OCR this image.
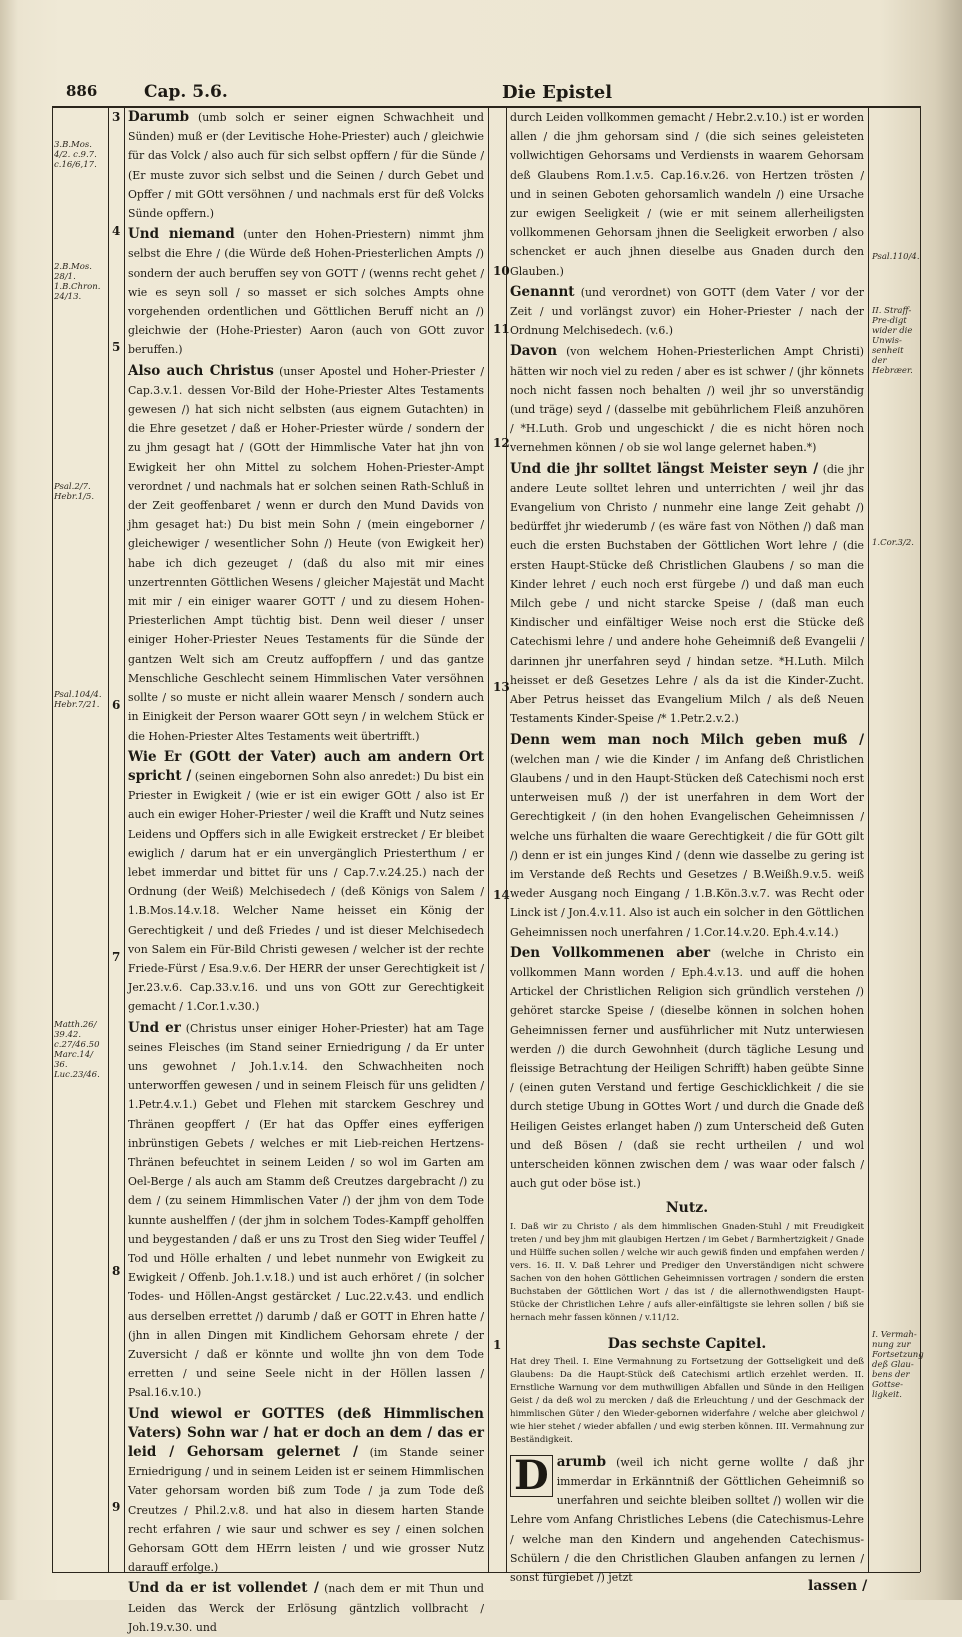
886	Cap. 5.6.	Die Epistel
3.B.Mos. 4/2. c.9.7. c.16/6,17.
2.B.Mos. 28/1. 1.B.Chron. 24/13.
Psal.2/7. Hebr.1/5.
Psal.104/4. Hebr.7/21.
Matth.26/ 39.42. c.27/46.50 Marc.14/ 36. Luc.23/46.
Psal.110/4.
II. Straff-Pre-digt wider die Unwis-senheit der Hebræer.
1.Cor.3/2.
I. Vermah-nung zur Fortsetzung deß Glau-bens der Gottse-ligkeit.
3
4
5
6
7
8
9
10
11
12
13
14
1

Darumb (umb solch er seiner eignen Schwachheit und Sünden) muß er (der Levitische Hohe-Priester) auch / gleichwie für das Volck / also auch für sich selbst opffern / für die Sünde / (Er muste zuvor sich selbst und die Seinen / durch Gebet und Opffer / mit GOtt versöhnen / und nachmals erst für deß Volcks Sünde opffern.)

Und niemand (unter den Hohen-Priestern) nimmt jhm selbst die Ehre / (die Würde deß Hohen-Priesterlichen Ampts /) sondern der auch beruffen sey von GOTT / (wenns recht gehet / wie es seyn soll / so masset er sich solches Ampts ohne vorgehenden ordentlichen und Göttlichen Beruff nicht an /) gleichwie der (Hohe-Priester) Aaron (auch von GOtt zuvor beruffen.)

Also auch Christus (unser Apostel und Hoher-Priester / Cap.3.v.1. dessen Vor-Bild der Hohe-Priester Altes Testaments gewesen /) hat sich nicht selbsten (aus eignem Gutachten) in die Ehre gesetzet / daß er Hoher-Priester würde / sondern der zu jhm gesagt hat / (GOtt der Himmlische Vater hat jhn von Ewigkeit her ohn Mittel zu solchem Hohen-Priester-Ampt verordnet / und nachmals hat er solchen seinen Rath-Schluß in der Zeit geoffenbaret / wenn er durch den Mund Davids von jhm gesaget hat:) Du bist mein Sohn / (mein eingeborner / gleichewiger / wesentlicher Sohn /) Heute (von Ewigkeit her) habe ich dich gezeuget / (daß du also mit mir eines unzertrennten Göttlichen Wesens / gleicher Majestät und Macht mit mir / ein einiger waarer GOTT / und zu diesem Hohen-Priesterlichen Ampt tüchtig bist. Denn weil dieser / unser einiger Hoher-Priester Neues Testaments für die Sünde der gantzen Welt sich am Creutz auffopffern / und das gantze Menschliche Geschlecht seinem Himmlischen Vater versöhnen sollte / so muste er nicht allein waarer Mensch / sondern auch in Einigkeit der Person waarer GOtt seyn / in welchem Stück er die Hohen-Priester Altes Testaments weit übertrifft.)

Wie Er (GOtt der Vater) auch am andern Ort spricht / (seinen eingebornen Sohn also anredet:) Du bist ein Priester in Ewigkeit / (wie er ist ein ewiger GOtt / also ist Er auch ein ewiger Hoher-Priester / weil die Krafft und Nutz seines Leidens und Opffers sich in alle Ewigkeit erstrecket / Er bleibet ewiglich / darum hat er ein unvergänglich Priesterthum / er lebet immerdar und bittet für uns / Cap.7.v.24.25.) nach der Ordnung (der Weiß) Melchisedech / (deß Königs von Salem / 1.B.Mos.14.v.18. Welcher Name heisset ein König der Gerechtigkeit / und deß Friedes / und ist dieser Melchisedech von Salem ein Für-Bild Christi gewesen / welcher ist der rechte Friede-Fürst / Esa.9.v.6. Der HERR der unser Gerechtigkeit ist / Jer.23.v.6. Cap.33.v.16. und uns von GOtt zur Gerechtigkeit gemacht / 1.Cor.1.v.30.)

Und er (Christus unser einiger Hoher-Priester) hat am Tage seines Fleisches (im Stand seiner Erniedrigung / da Er unter uns gewohnet / Joh.1.v.14. den Schwachheiten noch unterworffen gewesen / und in seinem Fleisch für uns gelidten / 1.Petr.4.v.1.) Gebet und Flehen mit starckem Geschrey und Thränen geopffert / (Er hat das Opffer eines eyfferigen inbrünstigen Gebets / welches er mit Lieb-reichen Hertzens-Thränen befeuchtet in seinem Leiden / so wol im Garten am Oel-Berge / als auch am Stamm deß Creutzes dargebracht /) zu dem / (zu seinem Himmlischen Vater /) der jhm von dem Tode kunnte aushelffen / (der jhm in solchem Todes-Kampff geholffen und beygestanden / daß er uns zu Trost den Sieg wider Teuffel / Tod und Hölle erhalten / und lebet nunmehr von Ewigkeit zu Ewigkeit / Offenb. Joh.1.v.18.) und ist auch erhöret / (in solcher Todes- und Höllen-Angst gestärcket / Luc.22.v.43. und endlich aus derselben errettet /) darumb / daß er GOTT in Ehren hatte / (jhn in allen Dingen mit Kindlichem Gehorsam ehrete / der Zuversicht / daß er könnte und wollte jhn von dem Tode erretten / und seine Seele nicht in der Höllen lassen / Psal.16.v.10.)

Und wiewol er GOTTES (deß Himmlischen Vaters) Sohn war / hat er doch an dem / das er leid / Gehorsam gelernet / (im Stande seiner Erniedrigung / und in seinem Leiden ist er seinem Himmlischen Vater gehorsam worden biß zum Tode / ja zum Tode deß Creutzes / Phil.2.v.8. und hat also in diesem harten Stande recht erfahren / wie saur und schwer es sey / einen solchen Gehorsam GOtt dem HErrn leisten / und wie grosser Nutz darauff erfolge.)

Und da er ist vollendet / (nach dem er mit Thun und Leiden das Werck der Erlösung gäntzlich vollbracht / Joh.19.v.30. und

durch Leiden vollkommen gemacht / Hebr.2.v.10.) ist er worden allen / die jhm gehorsam sind / (die sich seines geleisteten vollwichtigen Gehorsams und Verdiensts in waarem Gehorsam deß Glaubens Rom.1.v.5. Cap.16.v.26. von Hertzen trösten / und in seinen Geboten gehorsamlich wandeln /) eine Ursache zur ewigen Seeligkeit / (wie er mit seinem allerheiligsten vollkommenen Gehorsam jhnen die Seeligkeit erworben / also schencket er auch jhnen dieselbe aus Gnaden durch den Glauben.)

Genannt (und verordnet) von GOTT (dem Vater / vor der Zeit / und vorlängst zuvor) ein Hoher-Priester / nach der Ordnung Melchisedech. (v.6.)

Davon (von welchem Hohen-Priesterlichen Ampt Christi) hätten wir noch viel zu reden / aber es ist schwer / (jhr könnets noch nicht fassen noch behalten /) weil jhr so unverständig (und träge) seyd / (dasselbe mit gebührlichem Fleiß anzuhören / *H.Luth. Grob und ungeschickt / die es nicht hören noch vernehmen können / ob sie wol lange gelernet haben.*)

Und die jhr solltet längst Meister seyn / (die jhr andere Leute solltet lehren und unterrichten / weil jhr das Evangelium von Christo / nunmehr eine lange Zeit gehabt /) bedürffet jhr wiederumb / (es wäre fast von Nöthen /) daß man euch die ersten Buchstaben der Göttlichen Wort lehre / (die ersten Haupt-Stücke deß Christlichen Glaubens / so man die Kinder lehret / euch noch erst fürgebe /) und daß man euch Milch gebe / und nicht starcke Speise / (daß man euch Kindischer und einfältiger Weise noch erst die Stücke deß Catechismi lehre / und andere hohe Geheimniß deß Evangelii / darinnen jhr unerfahren seyd / hindan setze. *H.Luth. Milch heisset er deß Gesetzes Lehre / als da ist die Kinder-Zucht. Aber Petrus heisset das Evangelium Milch / als deß Neuen Testaments Kinder-Speise /* 1.Petr.2.v.2.)

Denn wem man noch Milch geben muß / (welchen man / wie die Kinder / im Anfang deß Christlichen Glaubens / und in den Haupt-Stücken deß Catechismi noch erst unterweisen muß /) der ist unerfahren in dem Wort der Gerechtigkeit / (in den hohen Evangelischen Geheimnissen / welche uns fürhalten die waare Gerechtigkeit / die für GOtt gilt /) denn er ist ein junges Kind / (denn wie dasselbe zu gering ist im Verstande deß Rechts und Gesetzes / B.Weißh.9.v.5. weiß weder Ausgang noch Eingang / 1.B.Kön.3.v.7. was Recht oder Linck ist / Jon.4.v.11. Also ist auch ein solcher in den Göttlichen Geheimnissen noch unerfahren / 1.Cor.14.v.20. Eph.4.v.14.)

Den Vollkommenen aber (welche in Christo ein vollkommen Mann worden / Eph.4.v.13. und auff die hohen Artickel der Christlichen Religion sich gründlich verstehen /) gehöret starcke Speise / (dieselbe können in solchen hohen Geheimnissen ferner und ausführlicher mit Nutz unterwiesen werden /) die durch Gewohnheit (durch tägliche Lesung und fleissige Betrachtung der Heiligen Schrifft) haben geübte Sinne / (einen guten Verstand und fertige Geschicklichkeit / die sie durch stetige Ubung in GOttes Wort / und durch die Gnade deß Heiligen Geistes erlanget haben /) zum Unterscheid deß Guten und deß Bösen / (daß sie recht urtheilen / und wol unterscheiden können zwischen dem / was waar oder falsch / auch gut oder böse ist.)

Nutz.
I. Daß wir zu Christo / als dem himmlischen Gnaden-Stuhl / mit Freudigkeit treten / und bey jhm mit glaubigen Hertzen / im Gebet / Barmhertzigkeit / Gnade und Hülffe suchen sollen / welche wir auch gewiß finden und empfahen werden / vers. 16. II. V. Daß Lehrer und Prediger den Unverständigen nicht schwere Sachen von den hohen Göttlichen Geheimnissen vortragen / sondern die ersten Buchstaben der Göttlichen Wort / das ist / die allernothwendigsten Haupt-Stücke der Christlichen Lehre / aufs aller-einfältigste sie lehren sollen / biß sie hernach mehr fassen können / v.11/12.
Das sechste Capitel.
Hat drey Theil. I. Eine Vermahnung zu Fortsetzung der Gottseligkeit und deß Glaubens: Da die Haupt-Stück deß Catechismi artlich erzehlet werden. II. Ernstliche Warnung vor dem muthwilligen Abfallen und Sünde in den Heiligen Geist / da deß wol zu mercken / daß die Erleuchtung / und der Geschmack der himmlischen Güter / den Wieder-gebornen widerfahre / welche aber gleichwol / wie hier stehet / wieder abfallen / und ewig sterben können. III. Vermahnung zur Beständigkeit.

D arumb (weil ich nicht gerne wollte / daß jhr immerdar in Erkänntniß der Göttlichen Geheimniß so unerfahren und seichte bleiben solltet /) wollen wir die Lehre vom Anfang Christliches Lebens (die Catechismus-Lehre / welche man den Kindern und angehenden Catechismus-Schülern / die den Christlichen Glauben anfangen zu lernen / sonst fürgiebet /) jetzt

lassen /
